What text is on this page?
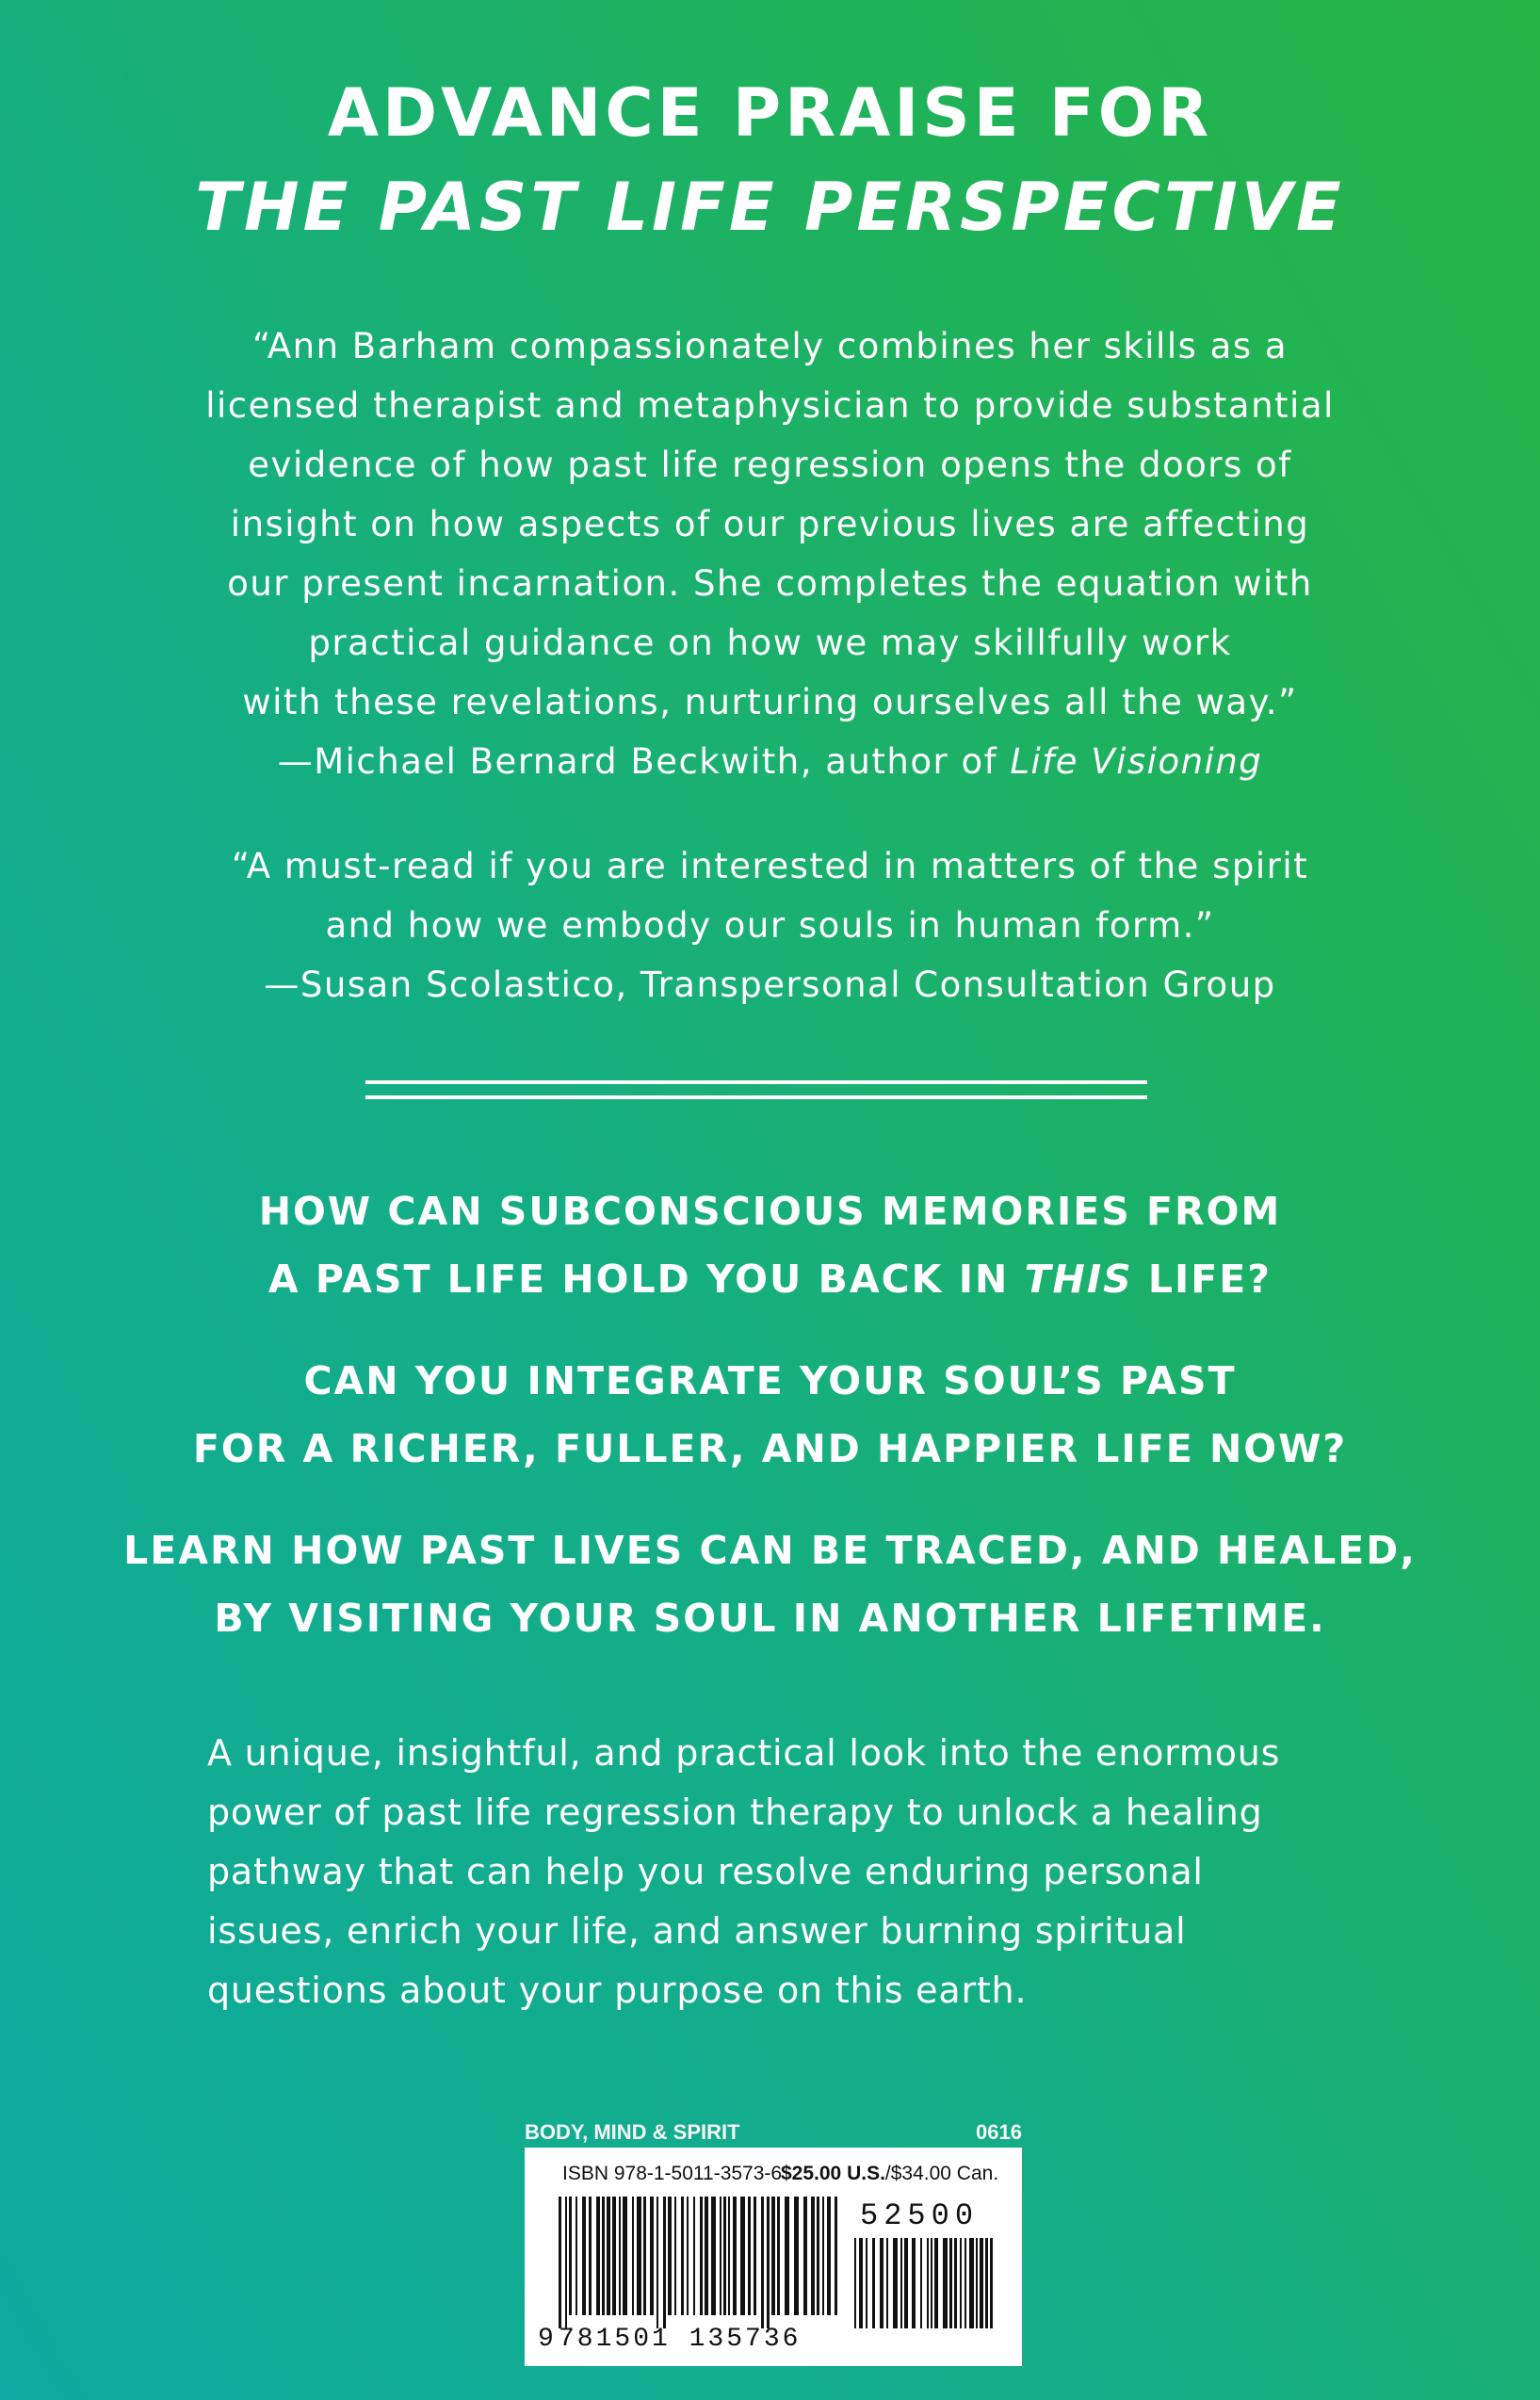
ADVANCE PRAISE FOR
THE PAST LIFE PERSPECTIVE

“Ann Barham compassionately combines her skills as a

licensed therapist and metaphysician to provide substantial

evidence of how past life regression opens the doors of

insight on how aspects of our previous lives are affecting

our present incarnation. She completes the equation with

practical guidance on how we may skillfully work

with these revelations, nurturing ourselves all the way.”

—Michael Bernard Beckwith, author of Life Visioning

“A must-read if you are interested in matters of the spirit

and how we embody our souls in human form.”

—Susan Scolastico, Transpersonal Consultation Group

HOW CAN SUBCONSCIOUS MEMORIES FROM
A PAST LIFE HOLD YOU BACK IN THIS LIFE?
CAN YOU INTEGRATE YOUR SOUL’S PAST
FOR A RICHER, FULLER, AND HAPPIER LIFE NOW?
LEARN HOW PAST LIVES CAN BE TRACED, AND HEALED,
BY VISITING YOUR SOUL IN ANOTHER LIFETIME.

A unique, insightful, and practical look into the enormous

power of past life regression therapy to unlock a healing

pathway that can help you resolve enduring personal

issues, enrich your life, and answer burning spiritual

questions about your purpose on this earth.

BODY, MIND & SPIRIT	0616
ISBN 978-1-5011-3573-6
$25.00 U.S./$34.00 Can.
52500
9 781501 135736
